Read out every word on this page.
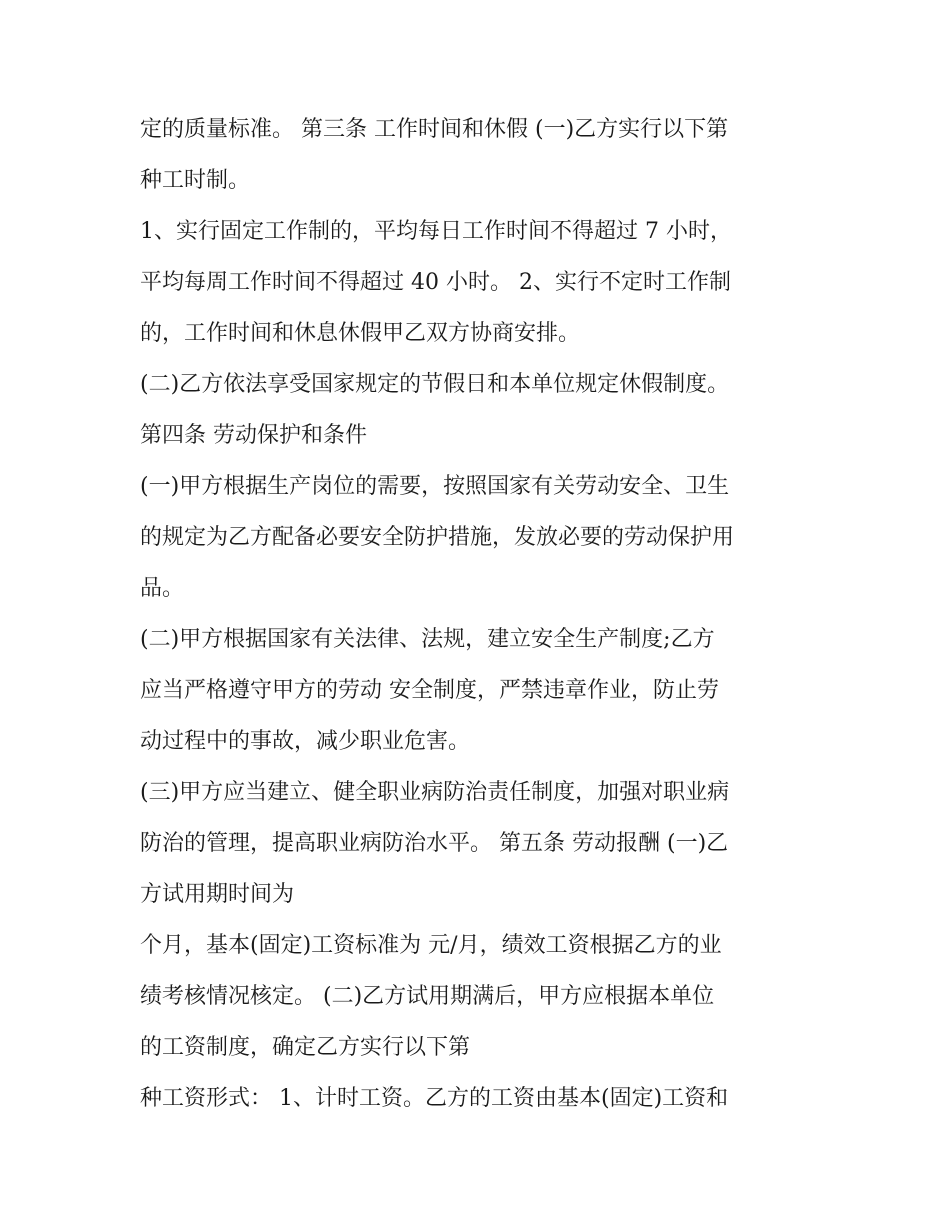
定的质量标准。 第三条 工作时间和休假 (一)乙方实行以下第
种工时制。
1、实行固定工作制的，平均每日工作时间不得超过 7 小时，
平均每周工作时间不得超过 40 小时。 2、实行不定时工作制
的，工作时间和休息休假甲乙双方协商安排。
(二)乙方依法享受国家规定的节假日和本单位规定休假制度。
第四条 劳动保护和条件
(一)甲方根据生产岗位的需要，按照国家有关劳动安全、卫生
的规定为乙方配备必要安全防护措施，发放必要的劳动保护用
品。
(二)甲方根据国家有关法律、法规，建立安全生产制度;乙方
应当严格遵守甲方的劳动 安全制度，严禁违章作业，防止劳
动过程中的事故，减少职业危害。
(三)甲方应当建立、健全职业病防治责任制度，加强对职业病
防治的管理，提高职业病防治水平。 第五条 劳动报酬 (一)乙
方试用期时间为
个月，基本(固定)工资标准为 元/月，绩效工资根据乙方的业
绩考核情况核定。 (二)乙方试用期满后，甲方应根据本单位
的工资制度，确定乙方实行以下第
种工资形式： 1、计时工资。乙方的工资由基本(固定)工资和
